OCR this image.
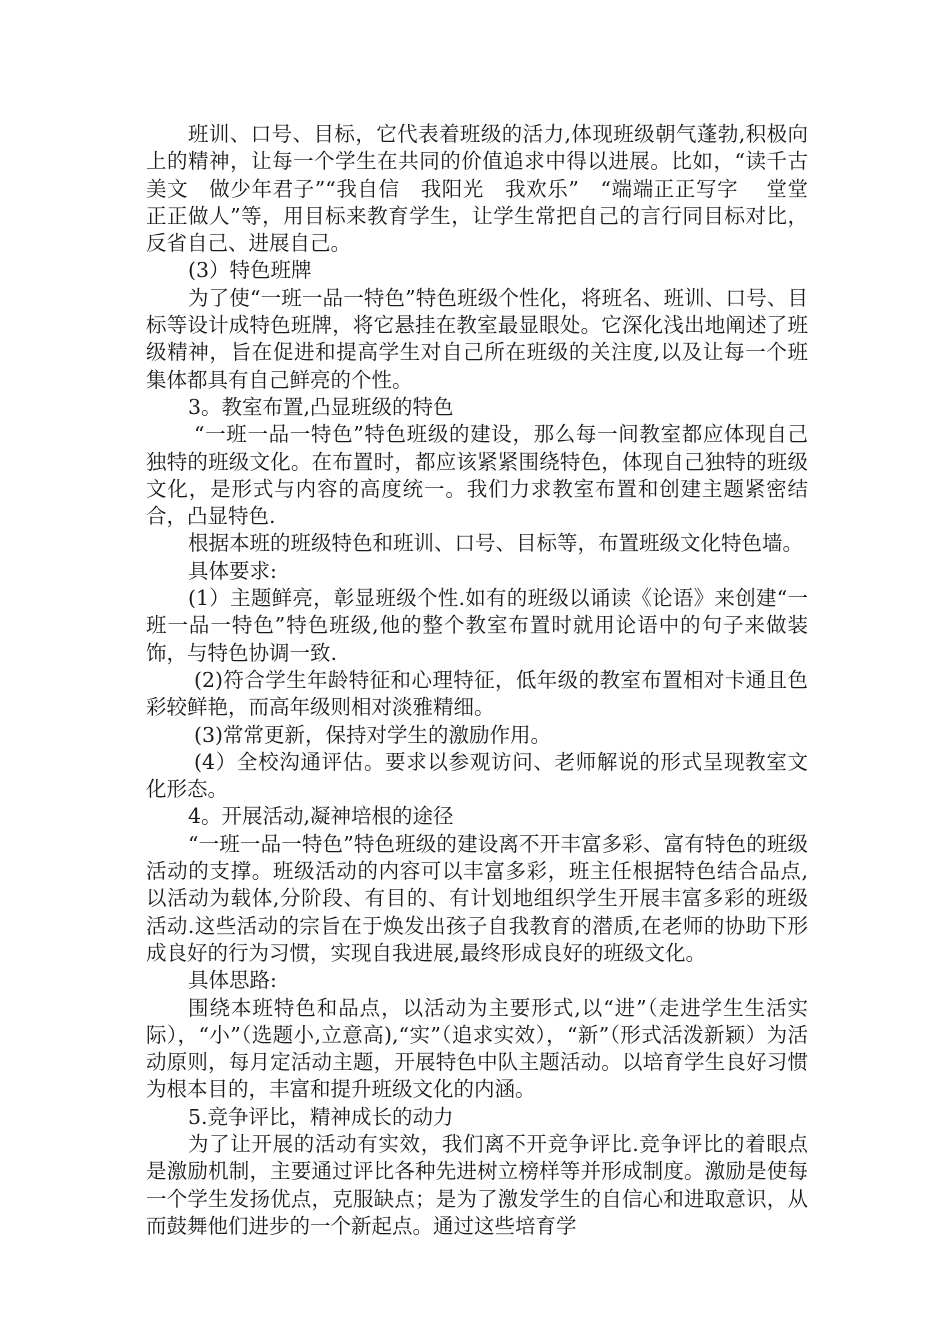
班训、口号、目标，它代表着班级的活力,体现班级朝气蓬勃,积极向上的精神，让每一个学生在共同的价值追求中得以进展。比如，“读千古美文　做少年君子”“我自信　我阳光　我欢乐”　“端端正正写字　 堂堂正正做人”等，用目标来教育学生，让学生常把自己的言行同目标对比，反省自己、进展自己。

(3）特色班牌

为了使“一班一品一特色”特色班级个性化，将班名、班训、口号、目标等设计成特色班牌，将它悬挂在教室最显眼处。它深化浅出地阐述了班级精神，旨在促进和提高学生对自己所在班级的关注度,以及让每一个班集体都具有自己鲜亮的个性。

3。教室布置,凸显班级的特色

“一班一品一特色”特色班级的建设，那么每一间教室都应体现自己独特的班级文化。在布置时，都应该紧紧围绕特色，体现自己独特的班级文化，是形式与内容的高度统一。我们力求教室布置和创建主题紧密结合，凸显特色.

根据本班的班级特色和班训、口号、目标等，布置班级文化特色墙。

具体要求:

(1）主题鲜亮，彰显班级个性.如有的班级以诵读《论语》来创建“一班一品一特色”特色班级,他的整个教室布置时就用论语中的句子来做装饰，与特色协调一致.

(2)符合学生年龄特征和心理特征，低年级的教室布置相对卡通且色彩较鲜艳，而高年级则相对淡雅精细。

(3)常常更新，保持对学生的激励作用。

(4）全校沟通评估。要求以参观访问、老师解说的形式呈现教室文化形态。

4。开展活动,凝神培根的途径

“一班一品一特色”特色班级的建设离不开丰富多彩、富有特色的班级活动的支撑。班级活动的内容可以丰富多彩，班主任根据特色结合品点,以活动为载体,分阶段、有目的、有计划地组织学生开展丰富多彩的班级活动.这些活动的宗旨在于焕发出孩子自我教育的潜质,在老师的协助下形成良好的行为习惯，实现自我进展,最终形成良好的班级文化。

具体思路:

围绕本班特色和品点，以活动为主要形式,以“进”（走进学生生活实际），“小”（选题小,立意高),“实”（追求实效），“新”（形式活泼新颖）为活动原则，每月定活动主题，开展特色中队主题活动。以培育学生良好习惯为根本目的，丰富和提升班级文化的内涵。

5.竞争评比，精神成长的动力

为了让开展的活动有实效，我们离不开竞争评比.竞争评比的着眼点是激励机制，主要通过评比各种先进树立榜样等并形成制度。激励是使每一个学生发扬优点，克服缺点；是为了激发学生的自信心和进取意识，从而鼓舞他们进步的一个新起点。通过这些培育学
